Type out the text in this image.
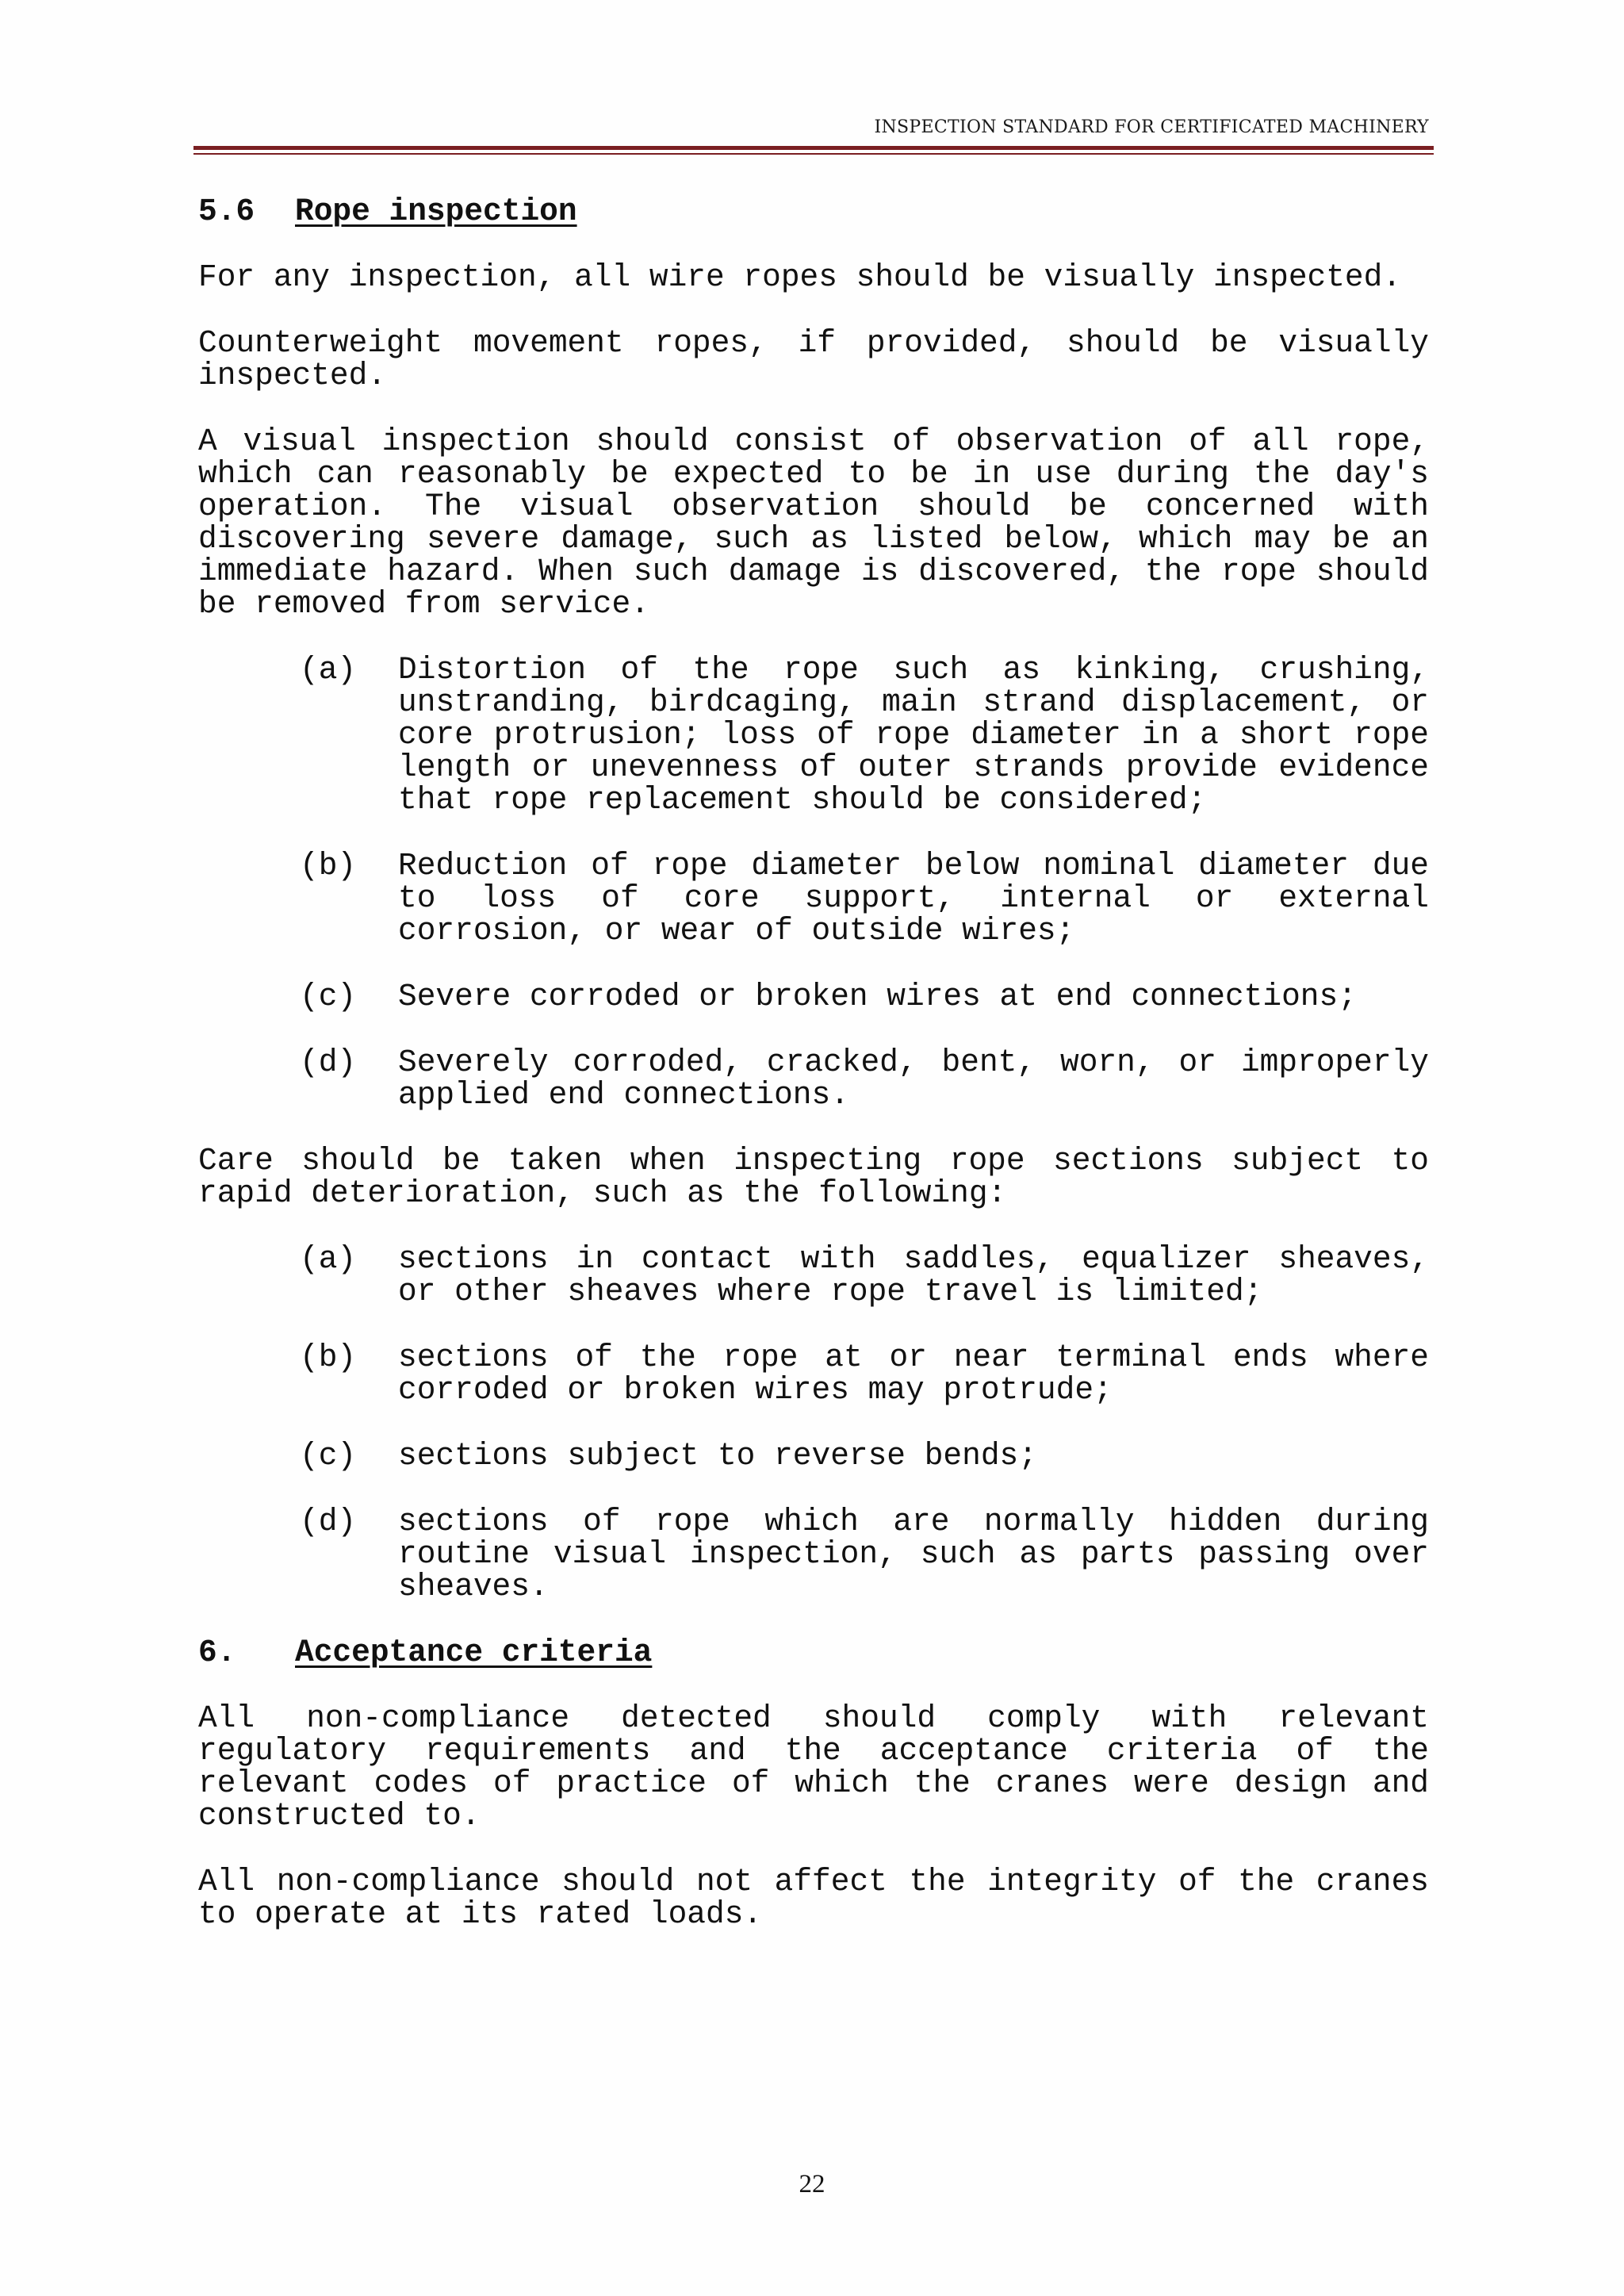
INSPECTION STANDARD FOR CERTIFICATED MACHINERY
5.6	Rope inspection
For any inspection, all wire ropes should be visually inspected.
Counterweight movement ropes, if provided, should be visually inspected.
A visual inspection should consist of observation of all rope, which can reasonably be expected to be in use during the day's operation. The visual observation should be concerned with discovering severe damage, such as listed below, which may be an immediate hazard. When such damage is discovered, the rope should be removed from service.
(a)	Distortion of the rope such as kinking, crushing, unstranding, birdcaging, main strand displacement, or core protrusion; loss of rope diameter in a short rope length or unevenness of outer strands provide evidence that rope replacement should be considered;
(b)	Reduction of rope diameter below nominal diameter due to loss of core support, internal or external corrosion, or wear of outside wires;
(c)	Severe corroded or broken wires at end connections;
(d)	Severely corroded, cracked, bent, worn, or improperly applied end connections.
Care should be taken when inspecting rope sections subject to rapid deterioration, such as the following:
(a)	sections in contact with saddles, equalizer sheaves, or other sheaves where rope travel is limited;
(b)	sections of the rope at or near terminal ends where corroded or broken wires may protrude;
(c)	sections subject to reverse bends;
(d)	sections of rope which are normally hidden during routine visual inspection, such as parts passing over sheaves.
6.	Acceptance criteria
All non-compliance detected should comply with relevant regulatory requirements and the acceptance criteria of the relevant codes of practice of which the cranes were design and constructed to.
All non-compliance should not affect the integrity of the cranes to operate at its rated loads.
22
